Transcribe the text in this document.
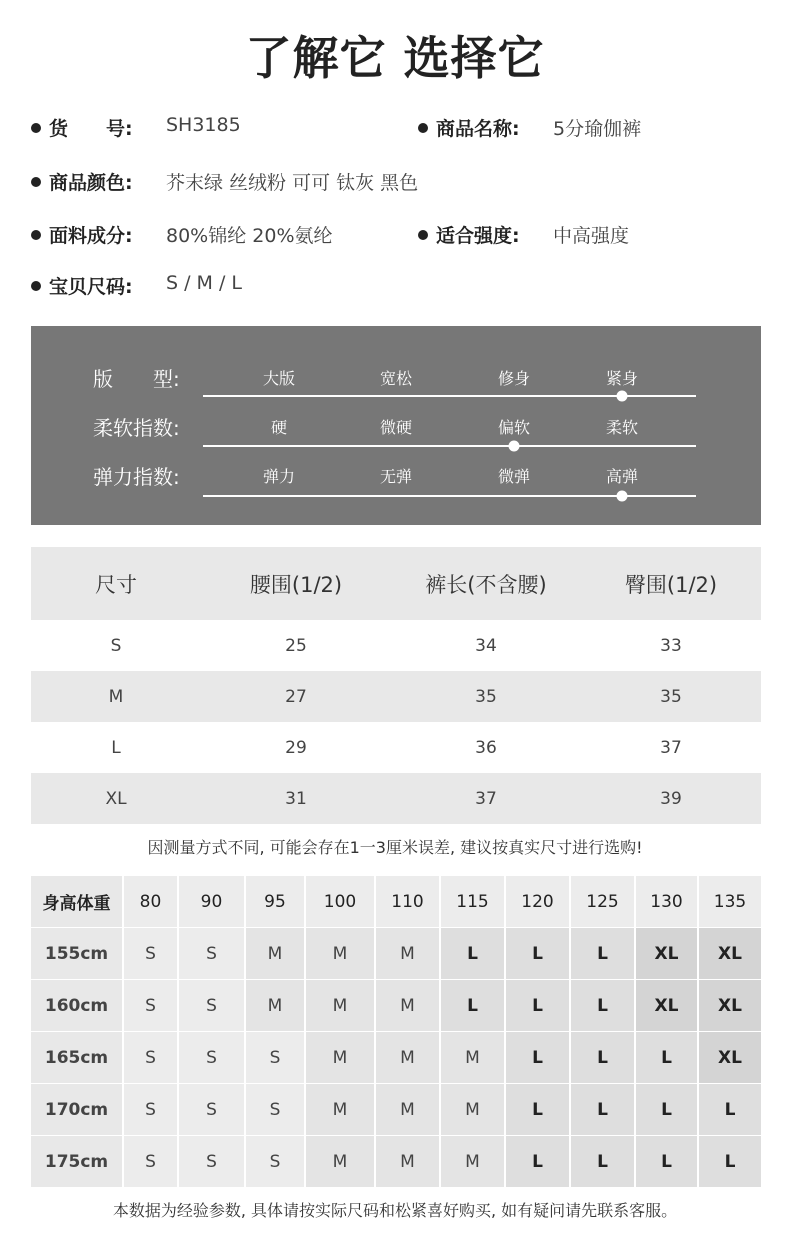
了解它 选择它
货　　号: SH3185	商品名称: 5分瑜伽裤
商品颜色: 芥末绿 丝绒粉 可可 钛灰 黑色
面料成分: 80%锦纶 20%氨纶	适合强度: 中高强度
宝贝尺码: S / M / L
版　　型:	大版	宽松	修身	紧身
柔软指数:	硬	微硬	偏软	柔软
弹力指数:	弹力	无弹	微弹	高弹
尺寸	腰围(1/2)	裤长(不含腰)	臀围(1/2)
S	25	34	33
M	27	35	35
L	29	36	37
XL	31	37	39
因测量方式不同, 可能会存在1一3厘米误差, 建议按真实尺寸进行选购!
身高体重	80	90	95	100	110	115	120	125	130	135
155cm	S	S	M	M	M	L	L	L	XL	XL
160cm	S	S	M	M	M	L	L	L	XL	XL
165cm	S	S	S	M	M	M	L	L	L	XL
170cm	S	S	S	M	M	M	L	L	L	L
175cm	S	S	S	M	M	M	L	L	L	L
本数据为经验参数, 具体请按实际尺码和松紧喜好购买, 如有疑问请先联系客服。
